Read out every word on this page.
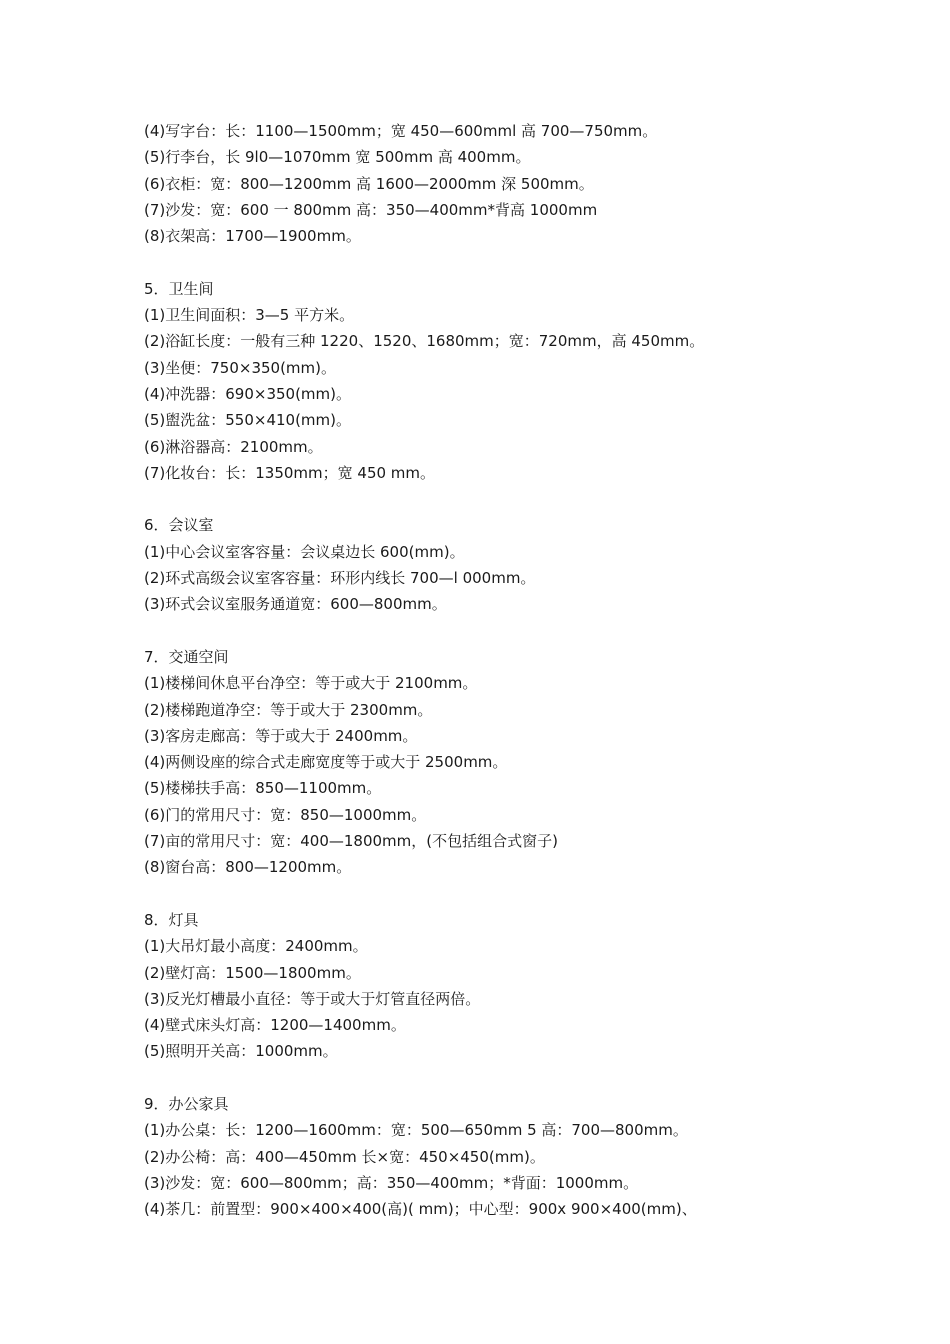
(4)写字台：长：1100—1500mm；宽 450—600mml 高 700—750mm。
(5)行李台，长 9l0—1070mm 宽 500mm 高 400mm。
(6)衣柜：宽：800—1200mm 高 1600—2000mm 深 500mm。
(7)沙发：宽：600 一 800mm 高：350—400mm*背高 1000mm
(8)衣架高：1700—1900mm。
5．卫生间
(1)卫生间面积：3—5 平方米。
(2)浴缸长度：一般有三种 1220、1520、1680mm；宽：720mm，高 450mm。
(3)坐便：750×350(mm)。
(4)冲洗器：690×350(mm)。
(5)盥洗盆：550×410(mm)。
(6)淋浴器高：2100mm。
(7)化妆台：长：1350mm；宽 450 mm。
6．会议室
(1)中心会议室客容量：会议桌边长 600(mm)。
(2)环式高级会议室客容量：环形内线长 700—l 000mm。
(3)环式会议室服务通道宽：600—800mm。
7．交通空间
(1)楼梯间休息平台净空：等于或大于 2100mm。
(2)楼梯跑道净空：等于或大于 2300mm。
(3)客房走廊高：等于或大于 2400mm。
(4)两侧设座的综合式走廊宽度等于或大于 2500mm。
(5)楼梯扶手高：850—1100mm。
(6)门的常用尺寸：宽：850—1000mm。
(7)亩的常用尺寸：宽：400—1800mm，(不包括组合式窗子)
(8)窗台高：800—1200mm。
8．灯具
(1)大吊灯最小高度：2400mm。
(2)壁灯高：1500—1800mm。
(3)反光灯槽最小直径：等于或大于灯管直径两倍。
(4)壁式床头灯高：1200—1400mm。
(5)照明开关高：1000mm。
9．办公家具
(1)办公桌：长：1200—1600mm：宽：500—650mm 5 高：700—800mm。
(2)办公椅：高：400—450mm 长×宽：450×450(mm)。
(3)沙发：宽：600—800mm；高：350—400mm；*背面：1000mm。
(4)茶几：前置型：900×400×400(高)( mm)；中心型：900x 900×400(mm)、
